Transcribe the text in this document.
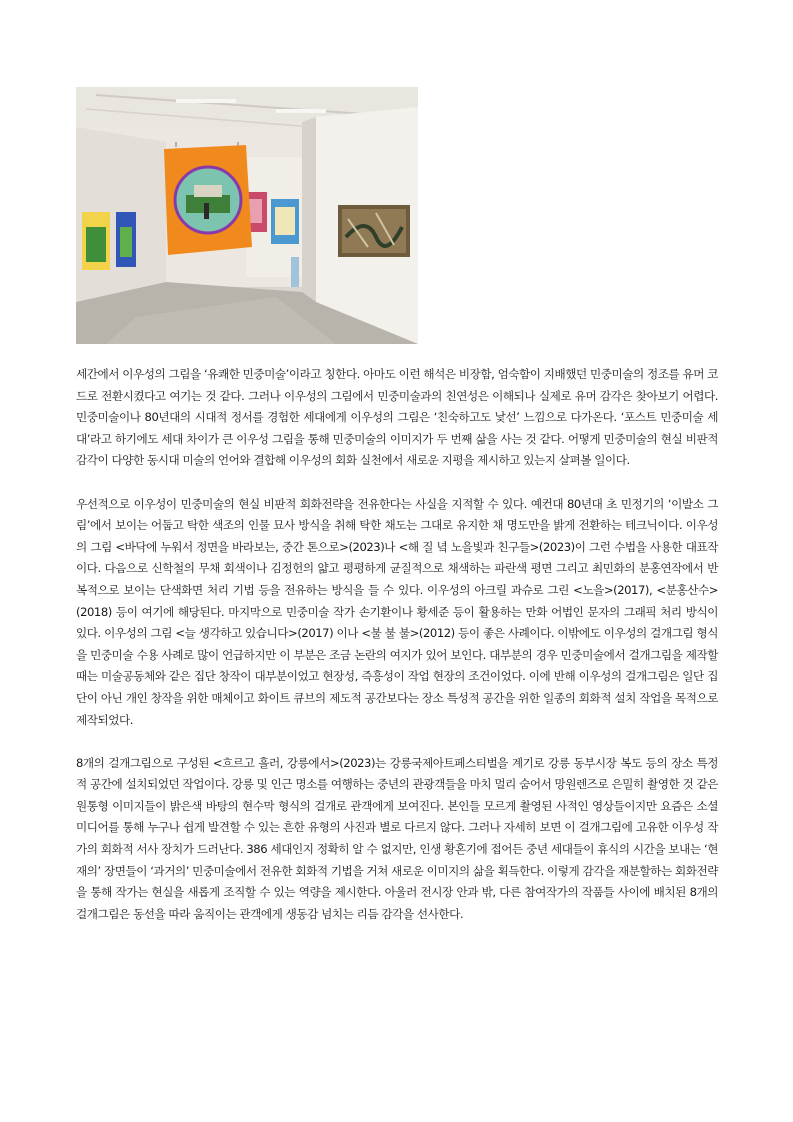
세간에서 이우성의 그림을 ‘유쾌한 민중미술’이라고 칭한다. 아마도 이런 해석은 비장함, 엄숙함이 지배했던 민중미술의 정조를 유머 코드로 전환시켰다고 여기는 것 같다. 그러나 이우성의 그림에서 민중미술과의 친연성은 이해되나 실제로 유머 감각은 찾아보기 어렵다. 민중미술이나 80년대의 시대적 정서를 경험한 세대에게 이우성의 그림은 ‘친숙하고도 낯선’ 느낌으로 다가온다. ‘포스트 민중미술 세대’라고 하기에도 세대 차이가 큰 이우성 그림을 통해 민중미술의 이미지가 두 번째 삶을 사는 것 같다. 어떻게 민중미술의 현실 비판적 감각이 다양한 동시대 미술의 언어와 결합해 이우성의 회화 실천에서 새로운 지평을 제시하고 있는지 살펴볼 일이다.

우선적으로 이우성이 민중미술의 현실 비판적 회화전략을 전유한다는 사실을 지적할 수 있다. 예컨대 80년대 초 민정기의 ‘이발소 그림’에서 보이는 어둡고 탁한 색조의 인물 묘사 방식을 취해 탁한 채도는 그대로 유지한 채 명도만을 밝게 전환하는 테크닉이다. 이우성의 그림 <바닥에 누워서 정면을 바라보는, 중간 톤으로>(2023)나 <해 질 녘 노을빛과 친구들>(2023)이 그런 수법을 사용한 대표작이다. 다음으로 신학철의 무채 회색이나 김정헌의 얇고 평평하게 균질적으로 채색하는 파란색 평면 그리고 최민화의 분홍연작에서 반복적으로 보이는 단색화면 처리 기법 등을 전유하는 방식을 들 수 있다. 이우성의 아크릴 과슈로 그린 <노을>(2017), <분홍산수>(2018) 등이 여기에 해당된다. 마지막으로 민중미술 작가 손기환이나 황세준 등이 활용하는 만화 어법인 문자의 그래픽 처리 방식이 있다. 이우성의 그림 <늘 생각하고 있습니다>(2017) 이나 <불 불 불>(2012) 등이 좋은 사례이다. 이밖에도 이우성의 걸개그림 형식을 민중미술 수용 사례로 많이 언급하지만 이 부분은 조금 논란의 여지가 있어 보인다. 대부분의 경우 민중미술에서 걸개그림을 제작할 때는 미술공동체와 같은 집단 창작이 대부분이었고 현장성, 즉흥성이 작업 현장의 조건이었다. 이에 반해 이우성의 걸개그림은 일단 집단이 아닌 개인 창작을 위한 매체이고 화이트 큐브의 제도적 공간보다는 장소 특성적 공간을 위한 일종의 회화적 설치 작업을 목적으로 제작되었다.

8개의 걸개그림으로 구성된 <흐르고 흘러, 강릉에서>(2023)는 강릉국제아트페스티벌을 계기로 강릉 동부시장 복도 등의 장소 특정적 공간에 설치되었던 작업이다. 강릉 및 인근 명소를 여행하는 중년의 관광객들을 마치 멀리 숨어서 망원렌즈로 은밀히 촬영한 것 같은 원통형 이미지들이 밝은색 바탕의 현수막 형식의 걸개로 관객에게 보여진다. 본인들 모르게 촬영된 사적인 영상들이지만 요즘은 소셜미디어를 통해 누구나 쉽게 발견할 수 있는 흔한 유형의 사진과 별로 다르지 않다. 그러나 자세히 보면 이 걸개그림에 고유한 이우성 작가의 회화적 서사 장치가 드러난다. 386 세대인지 정확히 알 수 없지만, 인생 황혼기에 접어든 중년 세대들이 휴식의 시간을 보내는 ‘현재의’ 장면들이 ‘과거의’ 민중미술에서 전유한 회화적 기법을 거쳐 새로운 이미지의 삶을 획득한다. 이렇게 감각을 재분할하는 회화전략을 통해 작가는 현실을 새롭게 조직할 수 있는 역량을 제시한다. 아울러 전시장 안과 밖, 다른 참여작가의 작품들 사이에 배치된 8개의 걸개그림은 동선을 따라 움직이는 관객에게 생동감 넘치는 리듬 감각을 선사한다.
